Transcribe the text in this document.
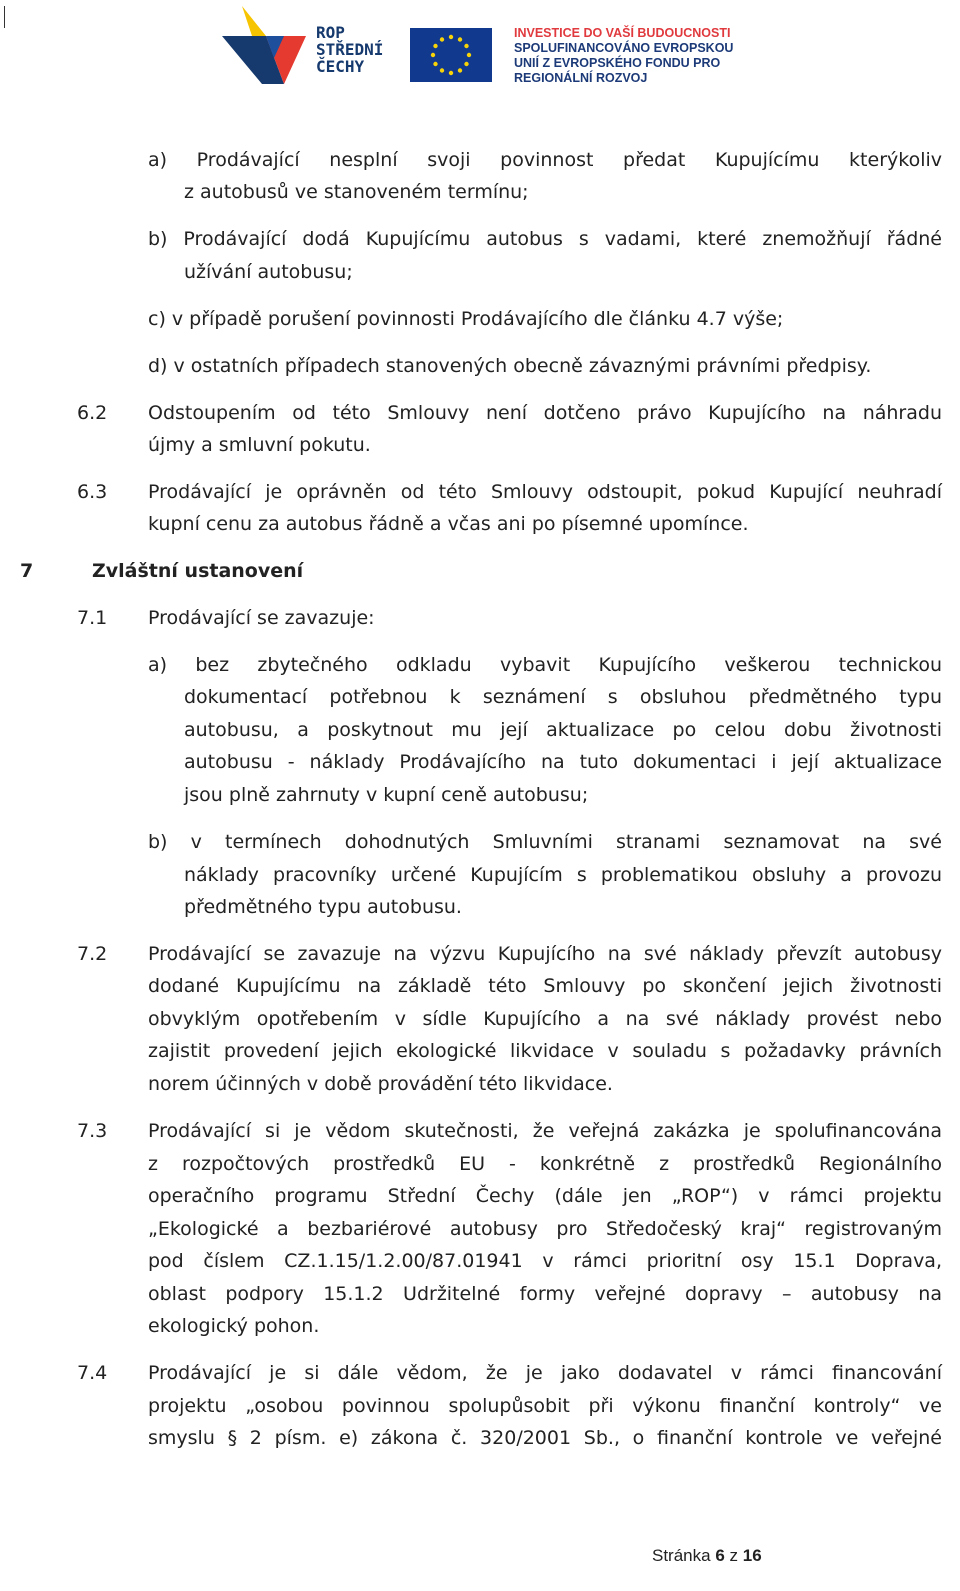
ROP
STŘEDNÍ
ČECHY
INVESTICE DO VAŠÍ BUDOUCNOSTI
SPOLUFINANCOVÁNO EVROPSKOU
UNIÍ Z EVROPSKÉHO FONDU PRO
REGIONÁLNÍ ROZVOJ
a) Prodávající nesplní svoji povinnost předat Kupujícímu kterýkoliv
z autobusů ve stanoveném termínu;
b) Prodávající dodá Kupujícímu autobus s vadami, které znemožňují řádné
užívání autobusu;
c) v případě porušení povinnosti Prodávajícího dle článku 4.7 výše;
d) v ostatních případech stanovených obecně závaznými právními předpisy.
6.2 Odstoupením od této Smlouvy není dotčeno právo Kupujícího na náhradu
újmy a smluvní pokutu.
6.3 Prodávající je oprávněn od této Smlouvy odstoupit, pokud Kupující neuhradí
kupní cenu za autobus řádně a včas ani po písemné upomínce.
7	Zvláštní ustanovení
7.1 Prodávající se zavazuje:
a) bez zbytečného odkladu vybavit Kupujícího veškerou technickou
dokumentací potřebnou k seznámení s obsluhou předmětného typu
autobusu, a poskytnout mu její aktualizace po celou dobu životnosti
autobusu - náklady Prodávajícího na tuto dokumentaci i její aktualizace
jsou plně zahrnuty v kupní ceně autobusu;
b) v termínech dohodnutých Smluvními stranami seznamovat na své
náklady pracovníky určené Kupujícím s problematikou obsluhy a provozu
předmětného typu autobusu.
7.2 Prodávající se zavazuje na výzvu Kupujícího na své náklady převzít autobusy
dodané Kupujícímu na základě této Smlouvy po skončení jejich životnosti
obvyklým opotřebením v sídle Kupujícího a na své náklady provést nebo
zajistit provedení jejich ekologické likvidace v souladu s požadavky právních
norem účinných v době provádění této likvidace.
7.3 Prodávající si je vědom skutečnosti, že veřejná zakázka je spolufinancována
z rozpočtových prostředků EU - konkrétně z prostředků Regionálního
operačního programu Střední Čechy (dále jen „ROP“) v rámci projektu
„Ekologické a bezbariérové autobusy pro Středočeský kraj“ registrovaným
pod číslem CZ.1.15/1.2.00/87.01941 v rámci prioritní osy 15.1 Doprava,
oblast podpory 15.1.2 Udržitelné formy veřejné dopravy – autobusy na
ekologický pohon.
7.4 Prodávající je si dále vědom, že je jako dodavatel v rámci financování
projektu „osobou povinnou spolupůsobit při výkonu finanční kontroly“ ve
smyslu § 2 písm. e) zákona č. 320/2001 Sb., o finanční kontrole ve veřejné
Stránka 6 z 16
